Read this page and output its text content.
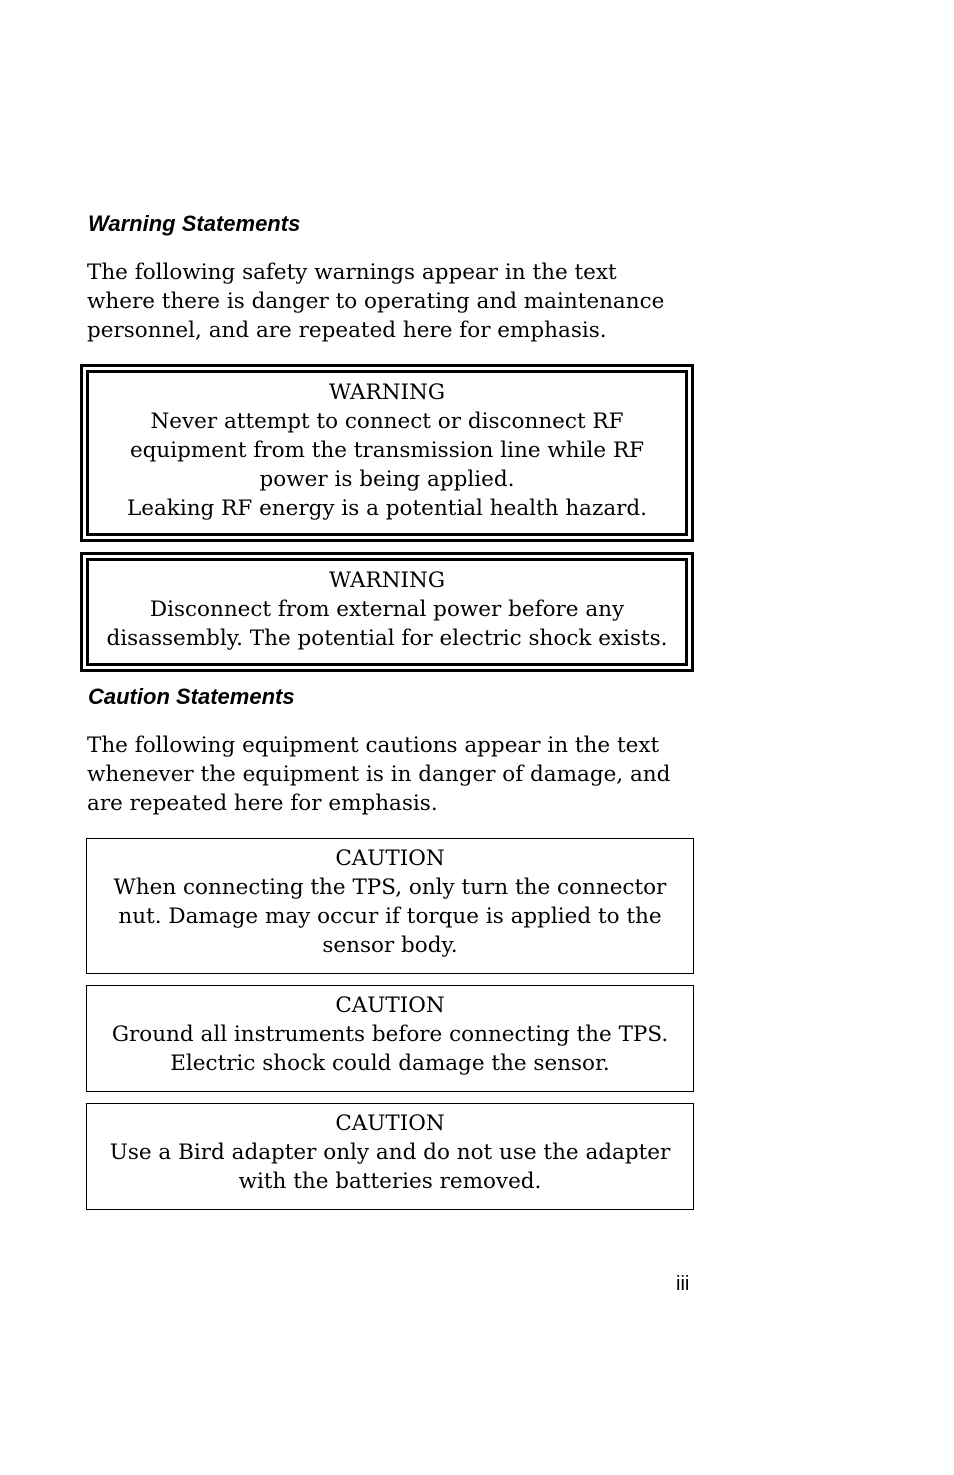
Warning Statements

The following safety warnings appear in the text
where there is danger to operating and maintenance
personnel, and are repeated here for emphasis.

WARNING
Never attempt to connect or disconnect RF
equipment from the transmission line while RF
power is being applied.
Leaking RF energy is a potential health hazard.
WARNING
Disconnect from external power before any
disassembly. The potential for electric shock exists.
Caution Statements

The following equipment cautions appear in the text
whenever the equipment is in danger of damage, and
are repeated here for emphasis.

CAUTION
When connecting the TPS, only turn the connector
nut. Damage may occur if torque is applied to the
sensor body.
CAUTION
Ground all instruments before connecting the TPS.
Electric shock could damage the sensor.
CAUTION
Use a Bird adapter only and do not use the adapter
with the batteries removed.

iii
